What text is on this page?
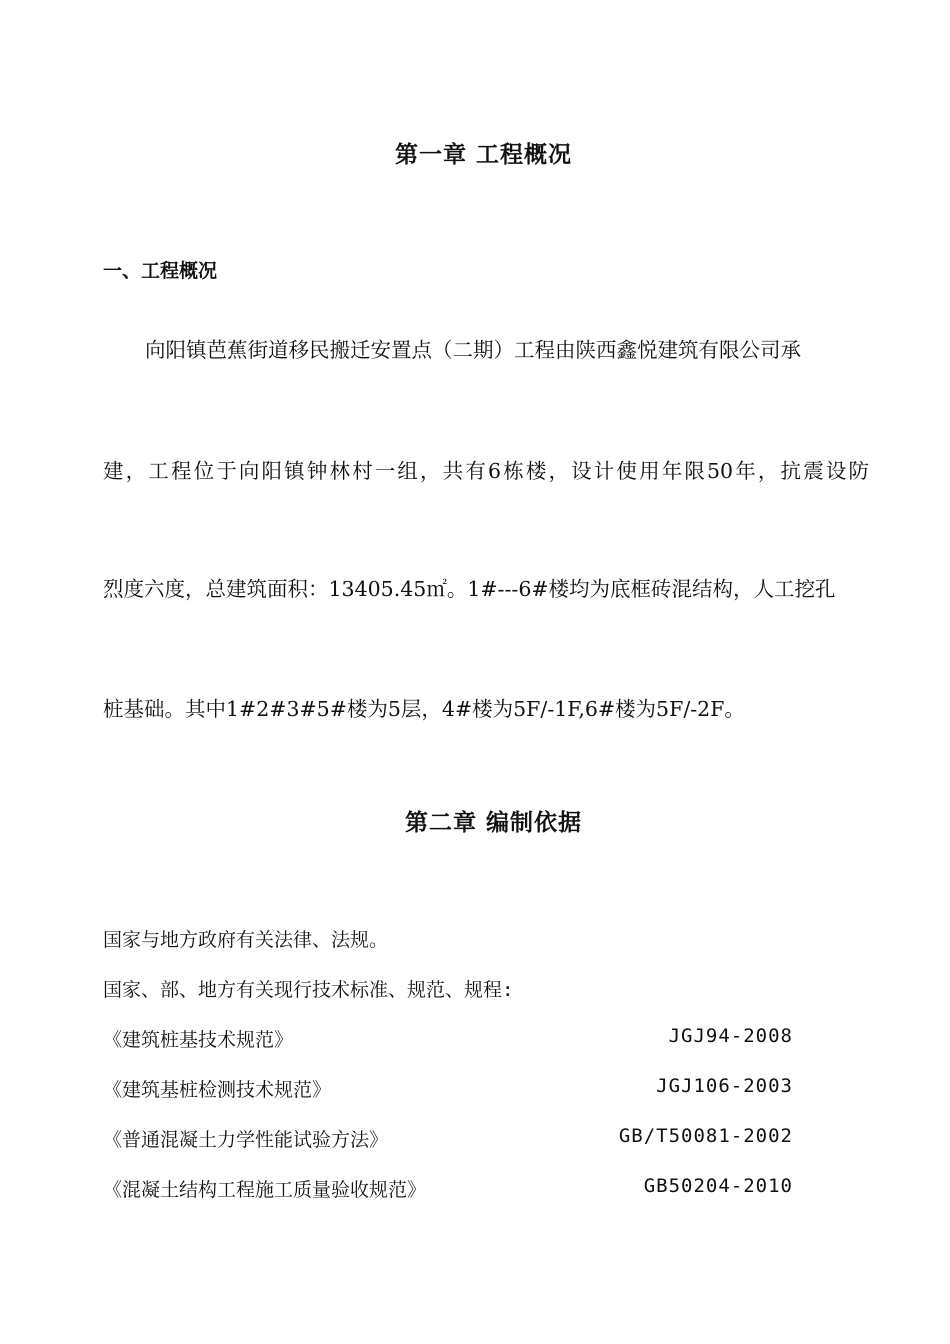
第一章 工程概况
一、工程概况
向阳镇芭蕉街道移民搬迁安置点（二期）工程由陕西鑫悦建筑有限公司承
建，工程位于向阳镇钟林村一组，共有6栋楼，设计使用年限50年，抗震设防
烈度六度，总建筑面积：13405.45㎡。1#---6#楼均为底框砖混结构，人工挖孔
桩基础。其中1#2#3#5#楼为5层，4#楼为5F/-1F,6#楼为5F/-2F。
第二章 编制依据
国家与地方政府有关法律、法规。
国家、部、地方有关现行技术标准、规范、规程:
《建筑桩基技术规范》	JGJ94-2008
《建筑基桩检测技术规范》	JGJ106-2003
《普通混凝土力学性能试验方法》	GB/T50081-2002
《混凝土结构工程施工质量验收规范》	GB50204-2010
